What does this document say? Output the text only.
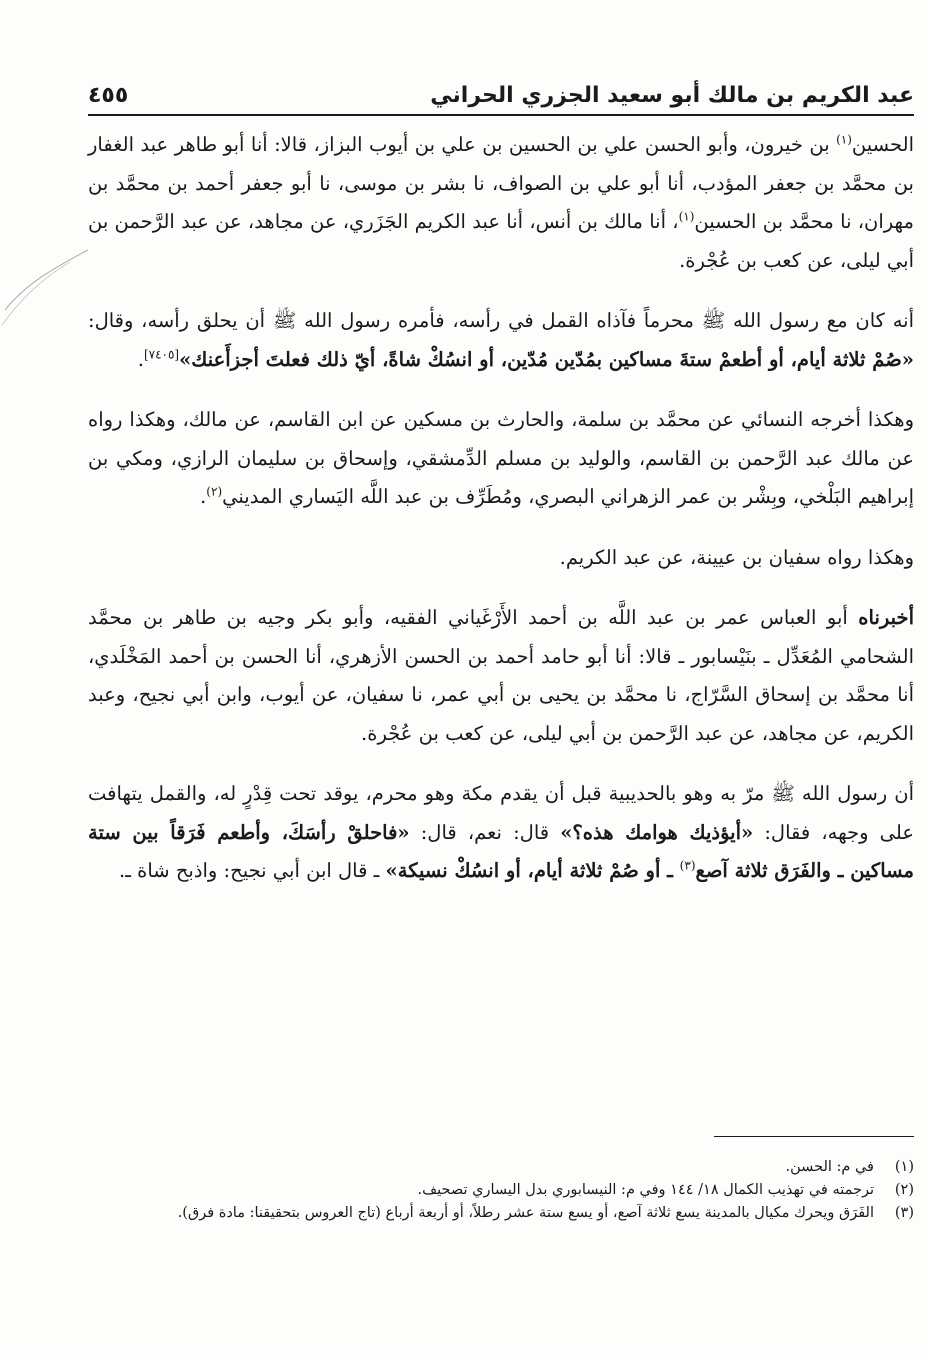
عبد الكريم بن مالك أبو سعيد الجزري الحراني
٤٥٥

الحسين$^{(١)}$ بن خيرون، وأبو الحسن علي بن الحسين بن علي بن أيوب البزاز، قالا: أنا أبو طاهر عبد الغفار بن محمَّد بن جعفر المؤدب، أنا أبو علي بن الصواف، نا بشر بن موسى، نا أبو جعفر أحمد بن محمَّد بن مهران، نا محمَّد بن الحسين$^{(١)}$، أنا مالك بن أنس، أنا عبد الكريم الجَزَري، عن مجاهد، عن عبد الرَّحمن بن أبي ليلى، عن كعب بن عُجْرة.

أنه كان مع رسول الله ﷺ محرماً فآذاه القمل في رأسه، فأمره رسول الله ﷺ أن يحلق رأسه، وقال: «صُمْ ثلاثة أيام، أو أطعمْ ستةَ مساكين بمُدّين مُدّين، أو انسُكْ شاةً، أيّ ذلك فعلتَ أجزأَعنك»[٧٤٠٥].

وهكذا أخرجه النسائي عن محمَّد بن سلمة، والحارث بن مسكين عن ابن القاسم، عن مالك، وهكذا رواه عن مالك عبد الرَّحمن بن القاسم، والوليد بن مسلم الدِّمشقي، وإسحاق بن سليمان الرازي، ومكي بن إبراهيم البَلْخي، وبِشْر بن عمر الزهراني البصري، ومُطَرِّف بن عبد اللَّه اليَساري المديني$^{(٢)}$.

وهكذا رواه سفيان بن عيينة، عن عبد الكريم.

أخبرناه أبو العباس عمر بن عبد اللَّه بن أحمد الأَرْغَياني الفقيه، وأبو بكر وجيه بن طاهر بن محمَّد الشحامي المُعَدِّل ـ بنَيْسابور ـ قالا: أنا أبو حامد أحمد بن الحسن الأزهري، أنا الحسن بن أحمد المَخْلَدي، أنا محمَّد بن إسحاق السَّرّاج، نا محمَّد بن يحيى بن أبي عمر، نا سفيان، عن أيوب، وابن أبي نجيح، وعبد الكريم، عن مجاهد، عن عبد الرَّحمن بن أبي ليلى، عن كعب بن عُجْرة.

أن رسول الله ﷺ مرّ به وهو بالحديبية قبل أن يقدم مكة وهو محرم، يوقد تحت قِدْرٍ له، والقمل يتهافت على وجهه، فقال: «أيؤذيك هوامك هذه؟» قال: نعم، قال: «فاحلقْ رأسَكَ، وأطعم فَرَقاً بين ستة مساكين ـ والفَرَق ثلاثة آصع$^{(٣)}$ ـ أو صُمْ ثلاثة أيام، أو انسُكْ نسيكة» ـ قال ابن أبي نجيح: واذبح شاة ـ.

(١)
في م: الحسن.

(٢)
ترجمته في تهذيب الكمال ١٨/ ١٤٤ وفي م: النيسابوري بدل اليساري تصحيف.

(٣)
الفَرَق ويحرك مكيال بالمدينة يسع ثلاثة آصع، أو يسع ستة عشر رطلاً، أو أربعة أرباع (تاج العروس بتحقيقنا: مادة فرق).
